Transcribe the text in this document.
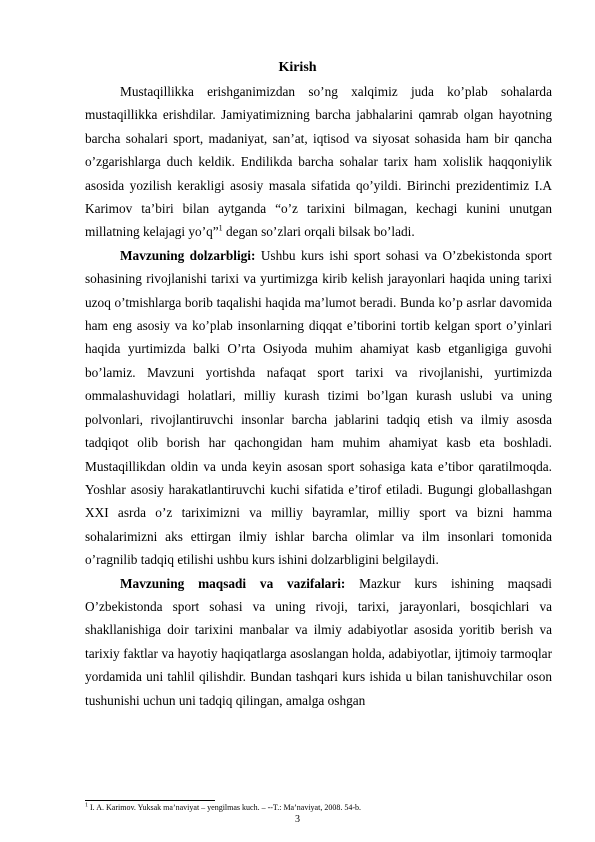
Kirish

Mustaqillikka erishganimizdan so’ng xalqimiz juda ko’plab sohalarda mustaqillikka erishdilar. Jamiyatimizning barcha jabhalarini qamrab olgan hayotning barcha sohalari sport, madaniyat, san’at, iqtisod va siyosat sohasida ham bir qancha o’zgarishlarga duch keldik. Endilikda barcha sohalar tarix ham xolislik haqqoniylik asosida yozilish kerakligi asosiy masala sifatida qo’yildi. Birinchi prezidentimiz I.A Karimov ta’biri bilan aytganda “o’z tarixini bilmagan, kechagi kunini unutgan millatning kelajagi yo’q”$^1$ degan so’zlari orqali bilsak bo’ladi.

Mavzuning dolzarbligi: Ushbu kurs ishi sport sohasi va O’zbekistonda sport sohasining rivojlanishi tarixi va yurtimizga kirib kelish jarayonlari haqida uning tarixi uzoq o’tmishlarga borib taqalishi haqida ma’lumot beradi. Bunda ko’p asrlar davomida ham eng asosiy va ko’plab insonlarning diqqat e’tiborini tortib kelgan sport o’yinlari haqida yurtimizda balki O’rta Osiyoda muhim ahamiyat kasb etganligiga guvohi bo’lamiz. Mavzuni yortishda nafaqat sport tarixi va rivojlanishi, yurtimizda ommalashuvidagi holatlari, milliy kurash tizimi bo’lgan kurash uslubi va uning polvonlari, rivojlantiruvchi insonlar barcha jablarini tadqiq etish va ilmiy asosda tadqiqot olib borish har qachongidan ham muhim ahamiyat kasb eta boshladi. Mustaqillikdan oldin va unda keyin asosan sport sohasiga kata e’tibor qaratilmoqda. Yoshlar asosiy harakatlantiruvchi kuchi sifatida e’tirof etiladi. Bugungi globallashgan XXI asrda o’z tariximizni va milliy bayramlar, milliy sport va bizni hamma sohalarimizni aks ettirgan ilmiy ishlar barcha olimlar va ilm insonlari tomonida o’ragnilib tadqiq etilishi ushbu kurs ishini dolzarbligini belgilaydi.

Mavzuning maqsadi va vazifalari: Mazkur kurs ishining maqsadi O’zbekistonda sport sohasi va uning rivoji, tarixi, jarayonlari, bosqichlari va shakllanishiga doir tarixini manbalar va ilmiy adabiyotlar asosida yoritib berish va tarixiy faktlar va hayotiy haqiqatlarga asoslangan holda, adabiyotlar, ijtimoiy tarmoqlar yordamida uni tahlil qilishdir. Bundan tashqari kurs ishida u bilan tanishuvchilar oson tushunishi uchun uni tadqiq qilingan, amalga oshgan

$^1$ I. A. Karimov. Yuksak ma’naviyat – yengilmas kuch. – --T.: Ma’naviyat, 2008. 54-b.
3
